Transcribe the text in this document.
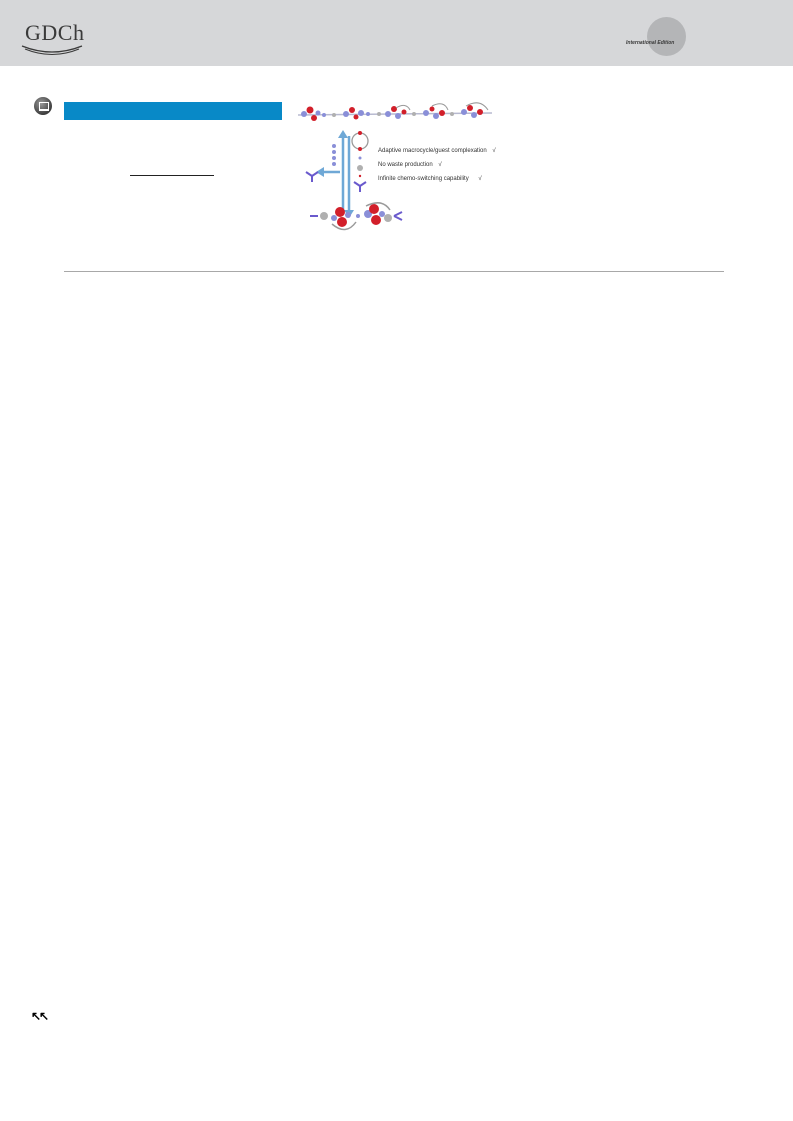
GDCh	International Edition
Adaptive macrocycle/guest complexation √
No waste production √
Infinite chemo-switching capability √
↖↖
